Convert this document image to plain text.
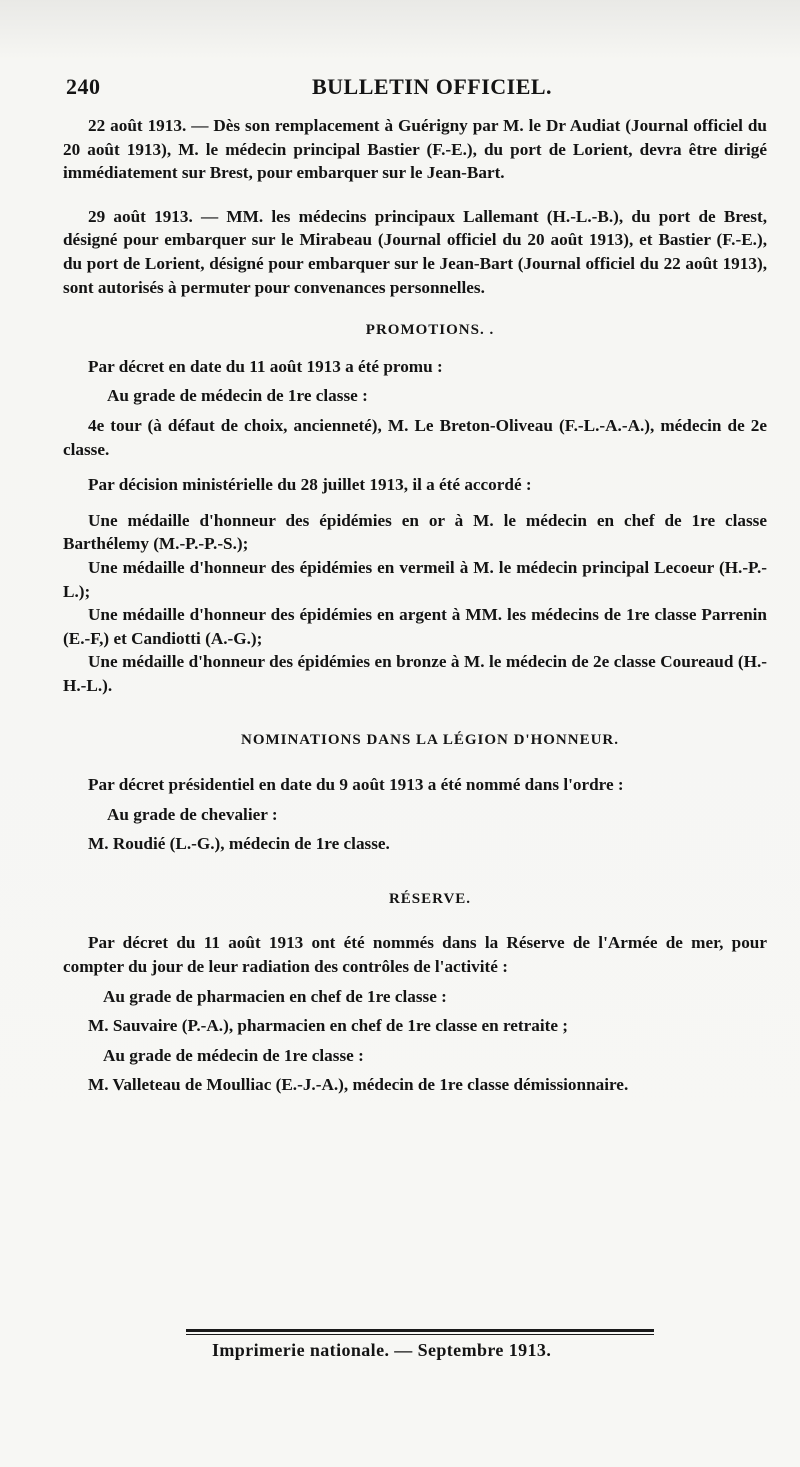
240	BULLETIN OFFICIEL.

22 août 1913. — Dès son remplacement à Guérigny par M. le Dr Audiat (Journal officiel du 20 août 1913), M. le médecin principal Bastier (F.-E.), du port de Lorient, devra être dirigé immédiatement sur Brest, pour embarquer sur le Jean-Bart.

29 août 1913. — MM. les médecins principaux Lallemant (H.-L.-B.), du port de Brest, désigné pour embarquer sur le Mirabeau (Journal officiel du 20 août 1913), et Bastier (F.-E.), du port de Lorient, désigné pour embarquer sur le Jean-Bart (Journal officiel du 22 août 1913), sont autorisés à permuter pour convenances personnelles.

PROMOTIONS. .

Par décret en date du 11 août 1913 a été promu :

Au grade de médecin de 1re classe :

4e tour (à défaut de choix, ancienneté), M. Le Breton-Oliveau (F.-L.-A.-A.), médecin de 2e classe.

Par décision ministérielle du 28 juillet 1913, il a été accordé :

Une médaille d'honneur des épidémies en or à M. le médecin en chef de 1re classe Barthélemy (M.-P.-P.-S.);

Une médaille d'honneur des épidémies en vermeil à M. le médecin principal Lecoeur (H.-P.-L.);

Une médaille d'honneur des épidémies en argent à MM. les médecins de 1re classe Parrenin (E.-F,) et Candiotti (A.-G.);

Une médaille d'honneur des épidémies en bronze à M. le médecin de 2e classe Coureaud (H.-H.-L.).

NOMINATIONS DANS LA LÉGION D'HONNEUR.

Par décret présidentiel en date du 9 août 1913 a été nommé dans l'ordre :

Au grade de chevalier :

M. Roudié (L.-G.), médecin de 1re classe.

RÉSERVE.

Par décret du 11 août 1913 ont été nommés dans la Réserve de l'Armée de mer, pour compter du jour de leur radiation des contrôles de l'activité :

Au grade de pharmacien en chef de 1re classe :

M. Sauvaire (P.-A.), pharmacien en chef de 1re classe en retraite ;

Au grade de médecin de 1re classe :

M. Valleteau de Moulliac (E.-J.-A.), médecin de 1re classe démissionnaire.

Imprimerie nationale. — Septembre 1913.
